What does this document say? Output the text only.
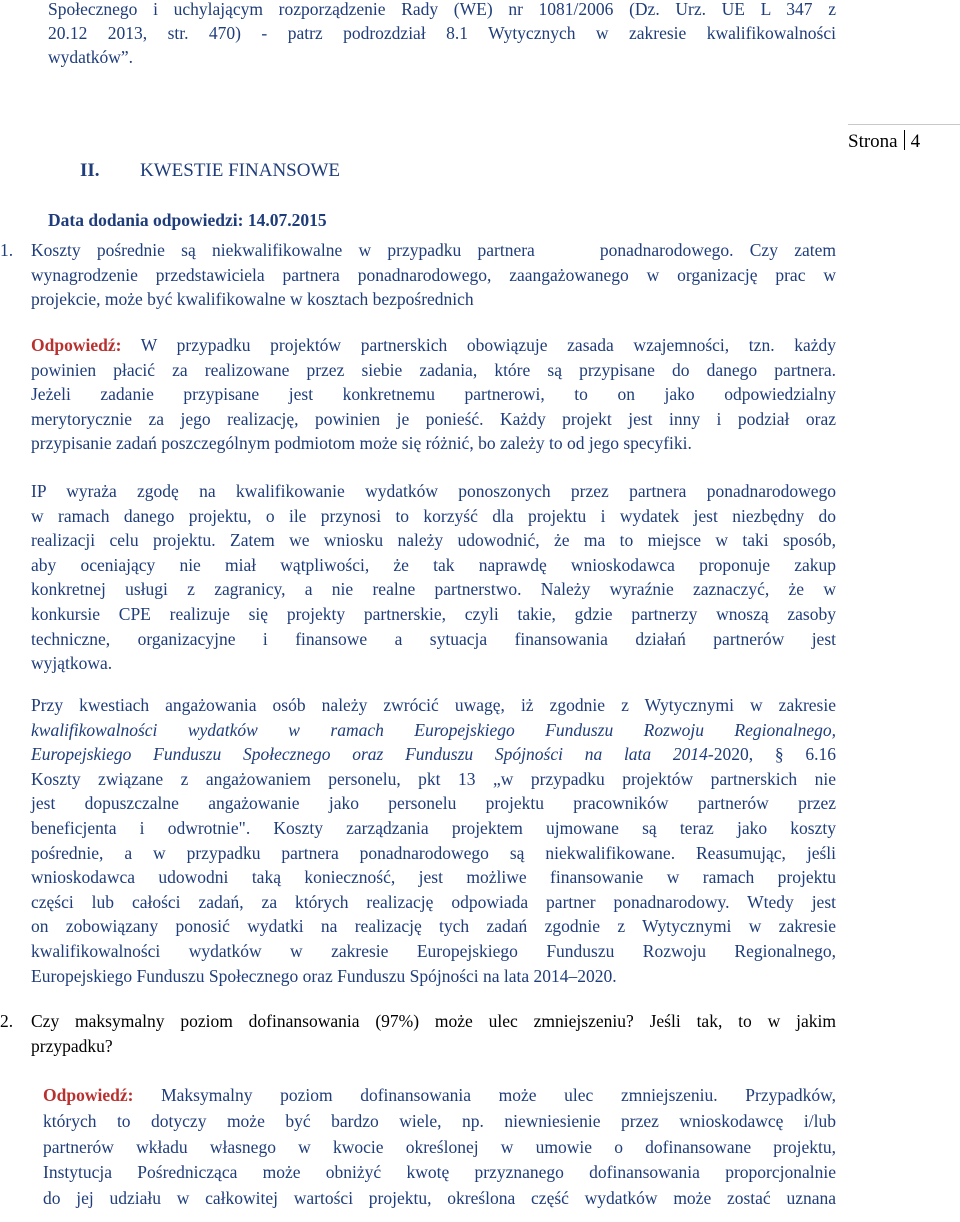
Społecznego i uchylającym rozporządzenie Rady (WE) nr 1081/2006 (Dz. Urz. UE L 347 z
20.12 2013, str. 470) - patrz podrozdział 8.1 Wytycznych w zakresie kwalifikowalności
wydatków”.
Strona 4
II. KWESTIE FINANSOWE
Data dodania odpowiedzi: 14.07.2015
1. Koszty pośrednie są niekwalifikowalne w przypadku partnera    ponadnarodowego. Czy zatem
wynagrodzenie przedstawiciela partnera ponadnarodowego, zaangażowanego w organizację prac w
projekcie, może być kwalifikowalne w kosztach bezpośrednich
Odpowiedź: W przypadku projektów partnerskich obowiązuje zasada wzajemności, tzn. każdy
powinien płacić za realizowane przez siebie zadania, które są przypisane do danego partnera.
Jeżeli zadanie przypisane jest konkretnemu partnerowi, to on jako odpowiedzialny
merytorycznie za jego realizację, powinien je ponieść. Każdy projekt jest inny i podział oraz
przypisanie zadań poszczególnym podmiotom może się różnić, bo zależy to od jego specyfiki.
IP wyraża zgodę na kwalifikowanie wydatków ponoszonych przez partnera ponadnarodowego
w ramach danego projektu, o ile przynosi to korzyść dla projektu i wydatek jest niezbędny do
realizacji celu projektu. Zatem we wniosku należy udowodnić, że ma to miejsce w taki sposób,
aby oceniający nie miał wątpliwości, że tak naprawdę wnioskodawca proponuje zakup
konkretnej usługi z zagranicy, a nie realne partnerstwo. Należy wyraźnie zaznaczyć, że w
konkursie CPE realizuje się projekty partnerskie, czyli takie, gdzie partnerzy wnoszą zasoby
techniczne, organizacyjne i finansowe a sytuacja finansowania działań partnerów jest
wyjątkowa.
Przy kwestiach angażowania osób należy zwrócić uwagę, iż zgodnie z Wytycznymi w zakresie
kwalifikowalności wydatków w ramach Europejskiego Funduszu Rozwoju Regionalnego,
Europejskiego Funduszu Społecznego oraz Funduszu Spójności na lata 2014-2020, § 6.16
Koszty związane z angażowaniem personelu, pkt 13 „w przypadku projektów partnerskich nie
jest dopuszczalne angażowanie jako personelu projektu pracowników partnerów przez
beneficjenta i odwrotnie". Koszty zarządzania projektem ujmowane są teraz jako koszty
pośrednie, a w przypadku partnera ponadnarodowego są niekwalifikowane. Reasumując, jeśli
wnioskodawca udowodni taką konieczność, jest możliwe finansowanie w ramach projektu
części lub całości zadań, za których realizację odpowiada partner ponadnarodowy. Wtedy jest
on zobowiązany ponosić wydatki na realizację tych zadań zgodnie z Wytycznymi w zakresie
kwalifikowalności wydatków w zakresie Europejskiego Funduszu Rozwoju Regionalnego,
Europejskiego Funduszu Społecznego oraz Funduszu Spójności na lata 2014–2020.
2. Czy maksymalny poziom dofinansowania (97%) może ulec zmniejszeniu? Jeśli tak, to w jakim
przypadku?
Odpowiedź: Maksymalny poziom dofinansowania może ulec zmniejszeniu. Przypadków,
których to dotyczy może być bardzo wiele, np. niewniesienie przez wnioskodawcę i/lub
partnerów wkładu własnego w kwocie określonej w umowie o dofinansowane projektu,
Instytucja Pośrednicząca może obniżyć kwotę przyznanego dofinansowania proporcjonalnie
do jej udziału w całkowitej wartości projektu, określona część wydatków może zostać uznana
